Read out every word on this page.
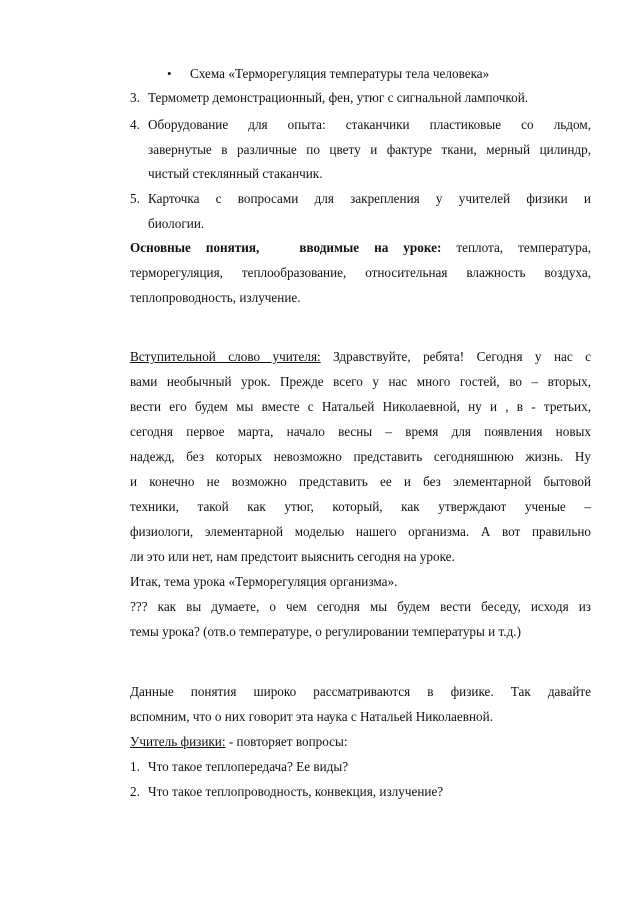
• Схема «Терморегуляция температуры тела человека»
3. Термометр демонстрационный, фен, утюг с сигнальной лампочкой.
4. Оборудование для опыта: стаканчики пластиковые со льдом,
завернутые в различные по цвету и фактуре ткани, мерный цилиндр,
чистый стеклянный стаканчик.
5. Карточка с вопросами для закрепления у учителей физики и
биологии.
Основные понятия,	вводимые на уроке: теплота, температура,
терморегуляция, теплообразование, относительная влажность воздуха,
теплопроводность, излучение.
Вступительной слово учителя: Здравствуйте, ребята! Сегодня у нас с
вами необычный урок. Прежде всего у нас много гостей, во – вторых,
вести его будем мы вместе с Натальей Николаевной, ну и , в - третьих,
сегодня первое марта, начало весны – время для появления новых
надежд, без которых невозможно представить сегодняшнюю жизнь. Ну
и конечно не возможно представить ее и без элементарной бытовой
техники, такой как утюг, который, как утверждают ученые –
физиологи, элементарной моделью нашего организма. А вот правильно
ли это или нет, нам предстоит выяснить сегодня на уроке.
Итак, тема урока «Терморегуляция организма».
??? как вы думаете, о чем сегодня мы будем вести беседу, исходя из
темы урока? (отв.о температуре, о регулировании температуры и т.д.)
Данные понятия широко рассматриваются в физике. Так давайте
вспомним, что о них говорит эта наука с Натальей Николаевной.
Учитель физики: - повторяет вопросы:
1. Что такое теплопередача? Ее виды?
2. Что такое теплопроводность, конвекция, излучение?
